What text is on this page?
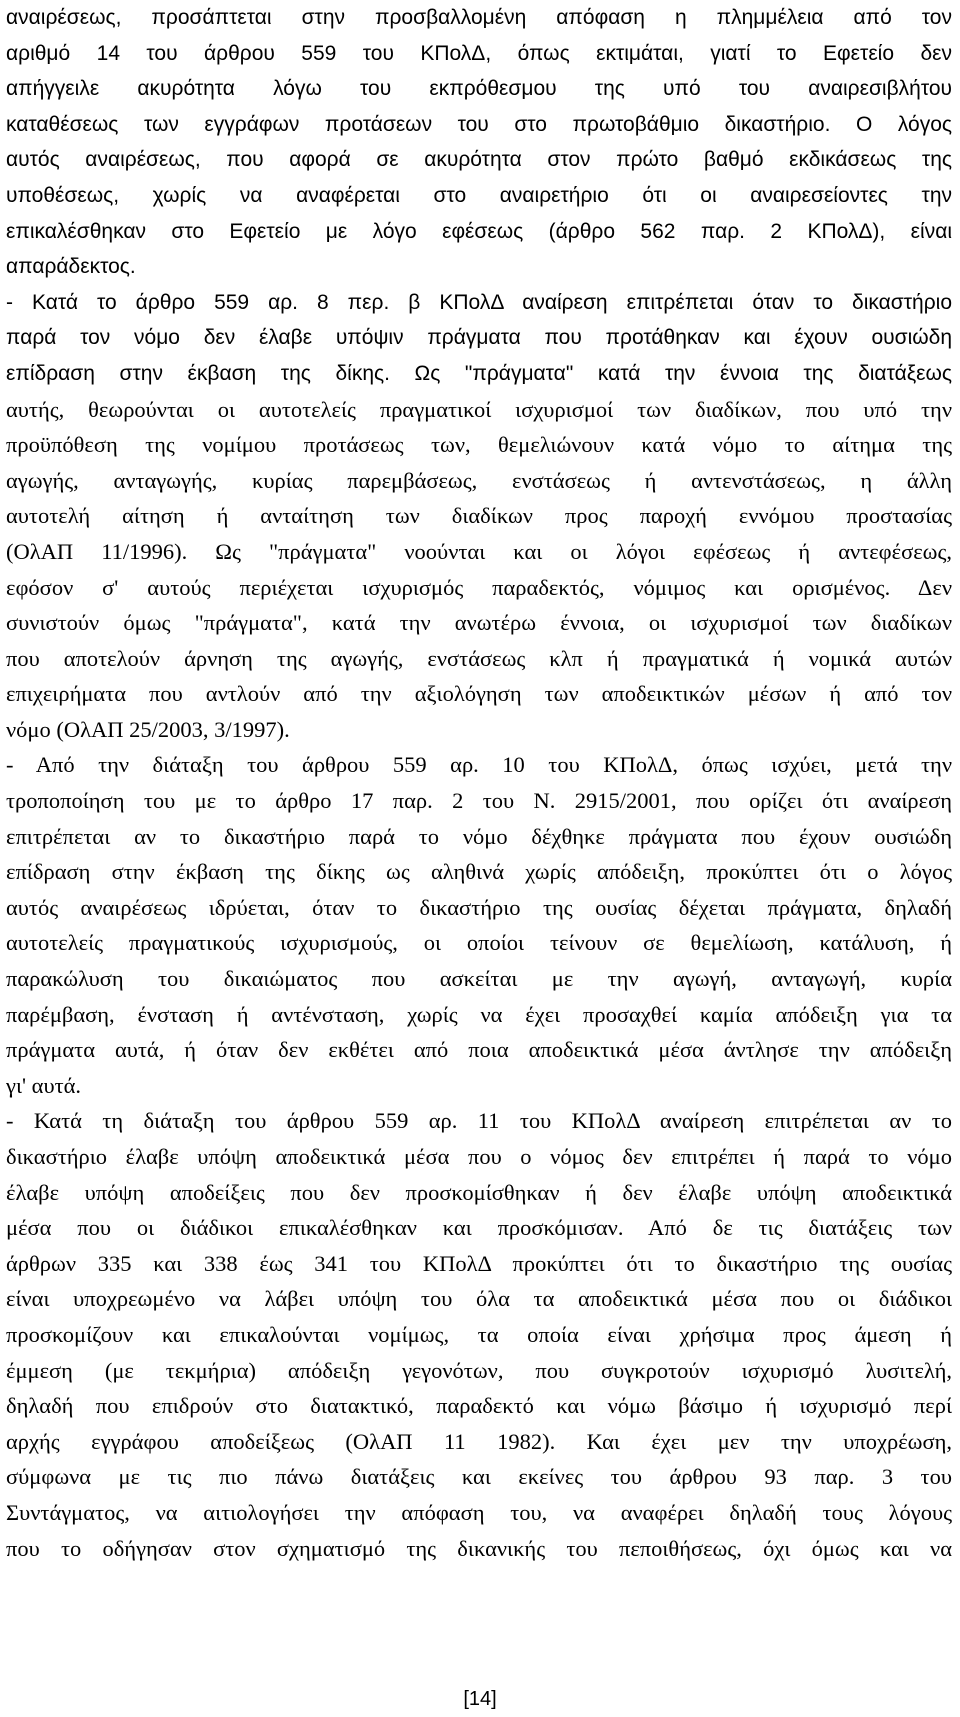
αναιρέσεως, προσάπτεται στην προσβαλλομένη απόφαση η πλημμέλεια από τον
αριθμό 14 του άρθρου 559 του ΚΠολΔ, όπως εκτιμάται, γιατί το Εφετείο δεν
απήγγειλε ακυρότητα λόγω του εκπρόθεσμου της υπό του αναιρεσιβλήτου
καταθέσεως των εγγράφων προτάσεων του στο πρωτοβάθμιο δικαστήριο. Ο λόγος
αυτός αναιρέσεως, που αφορά σε ακυρότητα στον πρώτο βαθμό εκδικάσεως της
υποθέσεως, χωρίς να αναφέρεται στο αναιρετήριο ότι οι αναιρεσείοντες την
επικαλέσθηκαν στο Εφετείο με λόγο εφέσεως (άρθρο 562 παρ. 2 ΚΠολΔ), είναι
απαράδεκτος.
- Κατά το άρθρο 559 αρ. 8 περ. β ΚΠολΔ αναίρεση επιτρέπεται όταν το δικαστήριο
παρά τον νόμο δεν έλαβε υπόψιν πράγματα που προτάθηκαν και έχουν ουσιώδη
επίδραση στην έκβαση της δίκης. Ως "πράγματα" κατά την έννοια της διατάξεως
αυτής, θεωρούνται οι αυτοτελείς πραγματικοί ισχυρισμοί των διαδίκων, που υπό την
προϋπόθεση της νομίμου προτάσεως των, θεμελιώνουν κατά νόμο το αίτημα της
αγωγής, ανταγωγής, κυρίας παρεμβάσεως, ενστάσεως ή αντενστάσεως, η άλλη
αυτοτελή αίτηση ή ανταίτηση των διαδίκων προς παροχή εννόμου προστασίας
(ΟλΑΠ 11/1996). Ως "πράγματα" νοούνται και οι λόγοι εφέσεως ή αντεφέσεως,
εφόσον σ' αυτούς περιέχεται ισχυρισμός παραδεκτός, νόμιμος και ορισμένος. Δεν
συνιστούν όμως "πράγματα", κατά την ανωτέρω έννοια, οι ισχυρισμοί των διαδίκων
που αποτελούν άρνηση της αγωγής, ενστάσεως κλπ ή πραγματικά ή νομικά αυτών
επιχειρήματα που αντλούν από την αξιολόγηση των αποδεικτικών μέσων ή από τον
νόμο (ΟλΑΠ 25/2003, 3/1997).
- Από την διάταξη του άρθρου 559 αρ. 10 του ΚΠολΔ, όπως ισχύει, μετά την
τροποποίηση του με το άρθρο 17 παρ. 2 του Ν. 2915/2001, που ορίζει ότι αναίρεση
επιτρέπεται αν το δικαστήριο παρά το νόμο δέχθηκε πράγματα που έχουν ουσιώδη
επίδραση στην έκβαση της δίκης ως αληθινά χωρίς απόδειξη, προκύπτει ότι ο λόγος
αυτός αναιρέσεως ιδρύεται, όταν το δικαστήριο της ουσίας δέχεται πράγματα, δηλαδή
αυτοτελείς πραγματικούς ισχυρισμούς, οι οποίοι τείνουν σε θεμελίωση, κατάλυση, ή
παρακώλυση του δικαιώματος που ασκείται με την αγωγή, ανταγωγή, κυρία
παρέμβαση, ένσταση ή αντένσταση, χωρίς να έχει προσαχθεί καμία απόδειξη για τα
πράγματα αυτά, ή όταν δεν εκθέτει από ποια αποδεικτικά μέσα άντλησε την απόδειξη
γι' αυτά.
- Κατά τη διάταξη του άρθρου 559 αρ. 11 του ΚΠολΔ αναίρεση επιτρέπεται αν το
δικαστήριο έλαβε υπόψη αποδεικτικά μέσα που ο νόμος δεν επιτρέπει ή παρά το νόμο
έλαβε υπόψη αποδείξεις που δεν προσκομίσθηκαν ή δεν έλαβε υπόψη αποδεικτικά
μέσα που οι διάδικοι επικαλέσθηκαν και προσκόμισαν. Από δε τις διατάξεις των
άρθρων 335 και 338 έως 341 του ΚΠολΔ προκύπτει ότι το δικαστήριο της ουσίας
είναι υποχρεωμένο να λάβει υπόψη του όλα τα αποδεικτικά μέσα που οι διάδικοι
προσκομίζουν και επικαλούνται νομίμως, τα οποία είναι χρήσιμα προς άμεση ή
έμμεση (με τεκμήρια) απόδειξη γεγονότων, που συγκροτούν ισχυρισμό λυσιτελή,
δηλαδή που επιδρούν στο διατακτικό, παραδεκτό και νόμω βάσιμο ή ισχυρισμό περί
αρχής εγγράφου αποδείξεως (ΟλΑΠ 11 1982). Και έχει μεν την υποχρέωση,
σύμφωνα με τις πιο πάνω διατάξεις και εκείνες του άρθρου 93 παρ. 3 του
Συντάγματος, να αιτιολογήσει την απόφαση του, να αναφέρει δηλαδή τους λόγους
που το οδήγησαν στον σχηματισμό της δικανικής του πεποιθήσεως, όχι όμως και να
[14]
